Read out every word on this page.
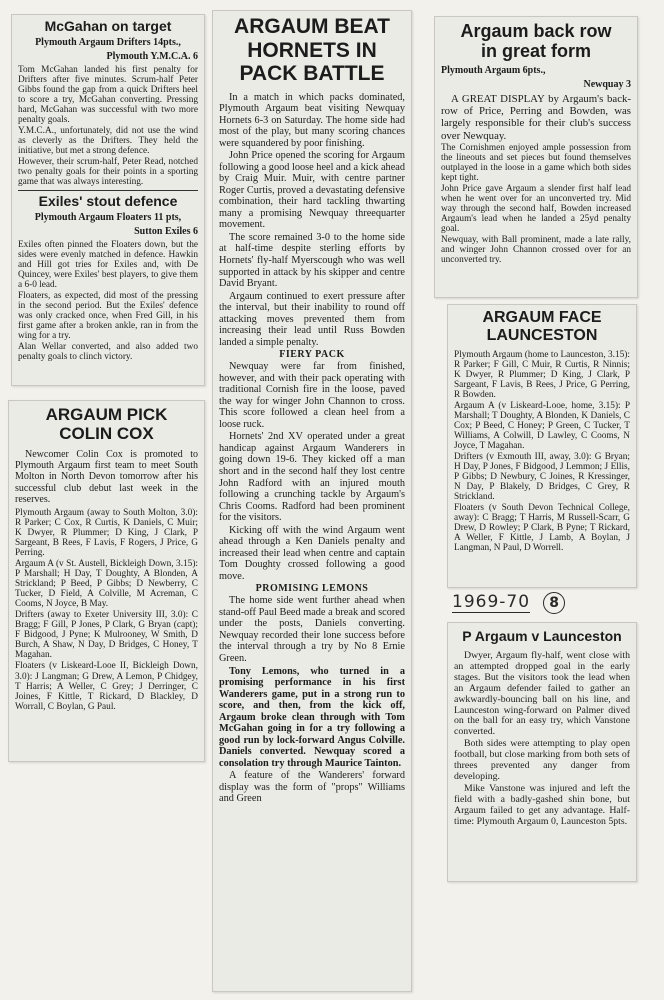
McGahan on target
Plymouth Argaum Drifters 14pts.,
Plymouth Y.M.C.A. 6

Tom McGahan landed his first penalty for Drifters after five minutes. Scrum-half Peter Gibbs found the gap from a quick Drifters heel to score a try, McGahan converting. Pressing hard, McGahan was successful with two more penalty goals.

Y.M.C.A., unfortunately, did not use the wind as cleverly as the Drifters. They held the initiative, but met a strong defence.

However, their scrum-half, Peter Read, notched two penalty goals for their points in a sporting game that was always interesting.

Exiles' stout defence
Plymouth Argaum Floaters 11 pts,
Sutton Exiles 6

Exiles often pinned the Floaters down, but the sides were evenly matched in defence. Hawkin and Hill got tries for Exiles and, with De Quincey, were Exiles' best players, to give them a 6-0 lead.

Floaters, as expected, did most of the pressing in the second period. But the Exiles' defence was only cracked once, when Fred Gill, in his first game after a broken ankle, ran in from the wing for a try.

Alan Wellar converted, and also added two penalty goals to clinch victory.

ARGAUM PICK
COLIN COX

Newcomer Colin Cox is promoted to Plymouth Argaum first team to meet South Molton in North Devon tomorrow after his successful club debut last week in the reserves.

Plymouth Argaum (away to South Molton, 3.0): R Parker; C Cox, R Curtis, K Daniels, C Muir; K Dwyer, R Plummer; D King, J Clark, P Sargeant, B Rees, F Lavis, F Rogers, J Price, G Perring.

Argaum A (v St. Austell, Bickleigh Down, 3.15): P Marshall; H Day, T Doughty, A Blonden, A Strickland; P Beed, P Gibbs; D Newberry, C Tucker, D Field, A Colville, M Acreman, C Cooms, N Joyce, B May.

Drifters (away to Exeter University III, 3.0): C Bragg; F Gill, P Jones, P Clark, G Bryan (capt); F Bidgood, J Pyne; K Mulrooney, W Smith, D Burch, A Shaw, N Day, D Bridges, C Honey, T Magahan.

Floaters (v Liskeard-Looe II, Bickleigh Down, 3.0): J Langman; G Drew, A Lemon, P Chidgey, T Harris; A Weller, C Grey; J Derringer, C Joines, F Kittle, T Rickard, D Blackley, D Worrall, C Boylan, G Paul.

ARGAUM BEAT
HORNETS IN
PACK BATTLE

In a match in which packs dominated, Plymouth Argaum beat visiting Newquay Hornets 6-3 on Saturday. The home side had most of the play, but many scoring chances were squandered by poor finishing.

John Price opened the scoring for Argaum following a good loose heel and a kick ahead by Craig Muir. Muir, with centre partner Roger Curtis, proved a devastating defensive combination, their hard tackling thwarting many a promising Newquay threequarter movement.

The score remained 3-0 to the home side at half-time despite sterling efforts by Hornets' fly-half Myerscough who was well supported in attack by his skipper and centre David Bryant.

Argaum continued to exert pressure after the interval, but their inability to round off attacking moves prevented them from increasing their lead until Russ Bowden landed a simple penalty.

FIERY PACK

Newquay were far from finished, however, and with their pack operating with traditional Cornish fire in the loose, paved the way for winger John Channon to cross. This score followed a clean heel from a loose ruck.

Hornets' 2nd XV operated under a great handicap against Argaum Wanderers in going down 19-6. They kicked off a man short and in the second half they lost centre John Radford with an injured mouth following a crunching tackle by Argaum's Chris Cooms. Radford had been prominent for the visitors.

Kicking off with the wind Argaum went ahead through a Ken Daniels penalty and increased their lead when centre and captain Tom Doughty crossed following a good move.

PROMISING LEMONS

The home side went further ahead when stand-off Paul Beed made a break and scored under the posts, Daniels converting. Newquay recorded their lone success before the interval through a try by No 8 Ernie Green.

Tony Lemons, who turned in a promising performance in his first Wanderers game, put in a strong run to score, and then, from the kick off, Argaum broke clean through with Tom McGahan going in for a try following a good run by lock-forward Angus Colville. Daniels converted. Newquay scored a consolation try through Maurice Tainton.

A feature of the Wanderers' forward display was the form of "props" Williams and Green

Argaum back row
in great form
Plymouth Argaum 6pts.,
Newquay 3

A GREAT DISPLAY by Argaum's back-row of Price, Perring and Bowden, was largely responsible for their club's success over Newquay.

The Cornishmen enjoyed ample possession from the lineouts and set pieces but found themselves outplayed in the loose in a game which both sides kept tight.

John Price gave Argaum a slender first half lead when he went over for an unconverted try. Mid way through the second half, Bowden increased Argaum's lead when he landed a 25yd penalty goal.

Newquay, with Ball prominent, made a late rally, and winger John Channon crossed over for an unconverted try.

ARGAUM FACE
LAUNCESTON

Plymouth Argaum (home to Launceston, 3.15): R Parker; F Gill, C Muir, R Curtis, R Ninnis; K Dwyer, R Plummer; D King, J Clark, P Sargeant, F Lavis, B Rees, J Price, G Perring, R Bowden.

Argaum A (v Liskeard-Looe, home, 3.15): P Marshall; T Doughty, A Blonden, K Daniels, C Cox; P Beed, C Honey; P Green, C Tucker, T Williams, A Colwill, D Lawley, C Cooms, N Joyce, T Magahan.

Drifters (v Exmouth III, away, 3.0): G Bryan; H Day, P Jones, F Bidgood, J Lemmon; J Ellis, P Gibbs; D Newbury, C Joines, R Kressinger, N Day, P Blakely, D Bridges, C Grey, R Strickland.

Floaters (v South Devon Technical College, away): C Bragg; T Harris, M Russell-Scarr, G Drew, D Rowley; P Clark, B Pyne; T Rickard, A Weller, F Kittle, J Lamb, A Boylan, J Langman, N Paul, D Worrell.

1969-70 8
P Argaum v Launceston

Dwyer, Argaum fly-half, went close with an attempted dropped goal in the early stages. But the visitors took the lead when an Argaum defender failed to gather an awkwardly-bouncing ball on his line, and Launceston wing-forward on Palmer dived on the ball for an easy try, which Vanstone converted.

Both sides were attempting to play open football, but close marking from both sets of threes prevented any danger from developing.

Mike Vanstone was injured and left the field with a badly-gashed shin bone, but Argaum failed to get any advantage. Half-time: Plymouth Argaum 0, Launceston 5pts.
